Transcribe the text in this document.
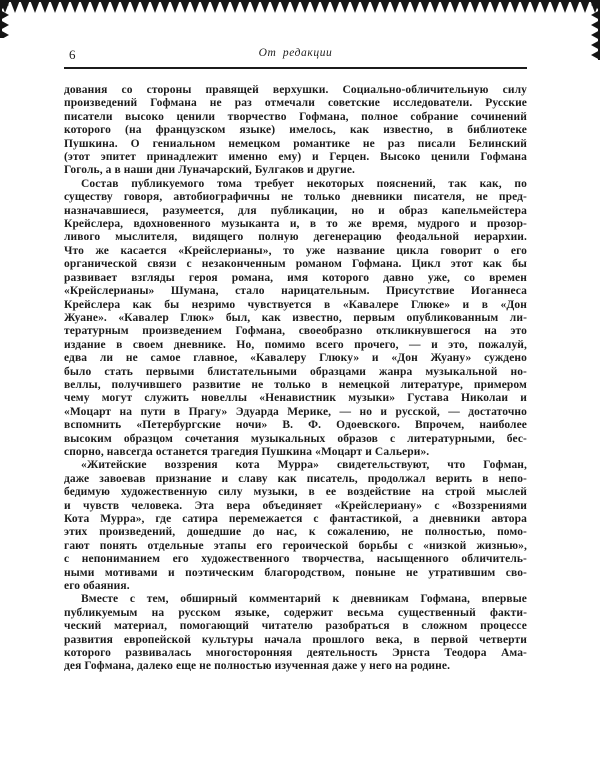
6	От редакции
дования со стороны правящей верхушки. Социально-обличительную силу
произведений Гофмана не раз отмечали советские исследователи. Русские
писатели высоко ценили творчество Гофмана, полное собрание сочинений
которого (на французском языке) имелось, как известно, в библиотеке
Пушкина. О гениальном немецком романтике не раз писали Белинский
(этот эпитет принадлежит именно ему) и Герцен. Высоко ценили Гофмана
Гоголь, а в наши дни Луначарский, Булгаков и другие.
Состав публикуемого тома требует некоторых пояснений, так как, по
существу говоря, автобиографичны не только дневники писателя, не пред-
назначавшиеся, разумеется, для публикации, но и образ капельмейстера
Крейслера, вдохновенного музыканта и, в то же время, мудрого и прозор-
ливого мыслителя, видящего полную дегенерацию феодальной иерархии.
Что же касается «Крейслерианы», то уже название цикла говорит о его
органической связи с незаконченным романом Гофмана. Цикл этот как бы
развивает взгляды героя романа, имя которого давно уже, со времен
«Крейслерианы» Шумана, стало нарицательным. Присутствие Иоганнеса
Крейслера как бы незримо чувствуется в «Кавалере Глюке» и в «Дон
Жуане». «Кавалер Глюк» был, как известно, первым опубликованным ли-
тературным произведением Гофмана, своеобразно откликнувшегося на это
издание в своем дневнике. Но, помимо всего прочего, — и это, пожалуй,
едва ли не самое главное, «Кавалеру Глюку» и «Дон Жуану» суждено
было стать первыми блистательными образцами жанра музыкальной но-
веллы, получившего развитие не только в немецкой литературе, примером
чему могут служить новеллы «Ненавистник музыки» Густава Николаи и
«Моцарт на пути в Прагу» Эдуарда Мерике, — но и русской, — достаточно
вспомнить «Петербургские ночи» В. Ф. Одоевского. Впрочем, наиболее
высоким образцом сочетания музыкальных образов с литературными, бес-
спорно, навсегда останется трагедия Пушкина «Моцарт и Сальери».
«Житейские воззрения кота Мурра» свидетельствуют, что Гофман,
даже завоевав признание и славу как писатель, продолжал верить в непо-
бедимую художественную силу музыки, в ее воздействие на строй мыслей
и чувств человека. Эта вера объединяет «Крейслериану» с «Воззрениями
Кота Мурра», где сатира перемежается с фантастикой, а дневники автора
этих произведений, дошедшие до нас, к сожалению, не полностью, помо-
гают понять отдельные этапы его героической борьбы с «низкой жизнью»,
с непониманием его художественного творчества, насыщенного обличитель-
ными мотивами и поэтическим благородством, поныне не утратившим сво-
его обаяния.
Вместе с тем, обширный комментарий к дневникам Гофмана, впервые
публикуемым на русском языке, содержит весьма существенный факти-
ческий материал, помогающий читателю разобраться в сложном процессе
развития европейской культуры начала прошлого века, в первой четверти
которого развивалась многосторонняя деятельность Эрнста Теодора Ама-
дея Гофмана, далеко еще не полностью изученная даже у него на родине.
